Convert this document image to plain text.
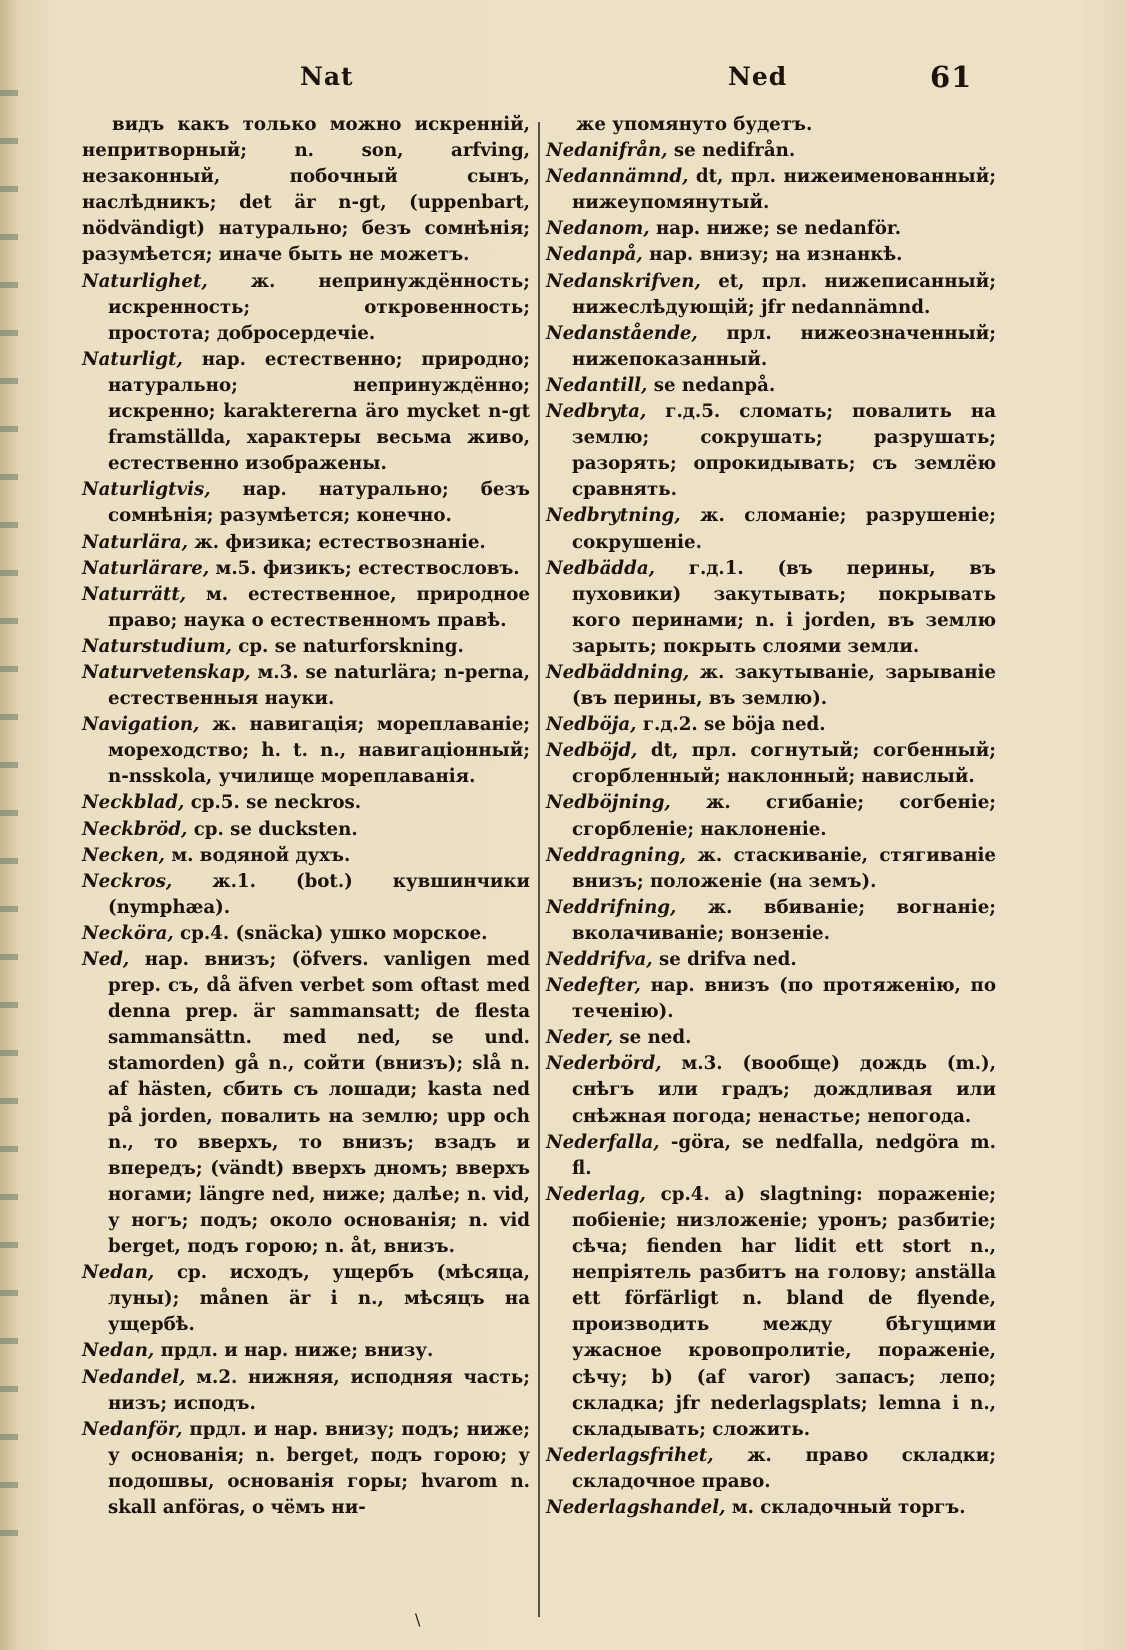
Nat	Ned	61

видъ какъ только можно искреннiй, непритворный; n. son, arfving, незаконный, побочный сынъ, наслѣдникъ; det är n-gt, (uppenbart, nödvändigt) натурально; безъ сомнѣнiя; разумѣется; иначе быть не можетъ.

Naturlighet, ж. непринуждённость; искренность; откровенность; простота; добросердечiе.

Naturligt, нар. естественно; природно; натурально; непринуждённо; искренно; karaktererna äro mycket n-gt framställda, характеры весьма живо, естественно изображены.

Naturligtvis, нар. натурально; безъ сомнѣнiя; разумѣется; конечно.

Naturlära, ж. физика; естествознанiе.

Naturlärare, м.5. физикъ; естествословъ.

Naturrätt, м. естественное, природное право; наука о естественномъ правѣ.

Naturstudium, ср. se naturforskning.

Naturvetenskap, м.3. se naturlära; n-perna, естественныя науки.

Navigation, ж. навигацiя; мореплаванiе; мореходство; h. t. n., навигацiонный; n-nsskola, училище мореплаванiя.

Neckblad, ср.5. se neckros.

Neckbröd, ср. se ducksten.

Necken, м. водяной духъ.

Neckros, ж.1. (bot.) кувшинчики (nymphæa).

Necköra, ср.4. (snäcka) ушко морское.

Ned, нар. внизъ; (öfvers. vanligen med prep. съ, då äfven verbet som oftast med denna prep. är sammansatt; de flesta sammansättn. med ned, se und. stamorden) gå n., сойти (внизъ); slå n. af hästen, сбить съ лошади; kasta ned på jorden, повалить на землю; upp och n., то вверхъ, то внизъ; взадъ и впередъ; (vändt) вверхъ дномъ; вверхъ ногами; längre ned, ниже; далѣе; n. vid, у ногъ; подъ; около основанiя; n. vid berget, подъ горою; n. åt, внизъ.

Nedan, ср. исходъ, ущербъ (мѣсяца, луны); månen är i n., мѣсяцъ на ущербѣ.

Nedan, прдл. и нар. ниже; внизу.

Nedandel, м.2. нижняя, исподняя часть; низъ; исподъ.

Nedanför, прдл. и нар. внизу; подъ; ниже; у основанiя; n. berget, подъ горою; у подошвы, основанiя горы; hvarom n. skall anföras, о чёмъ ни-

же упомянуто будетъ.

Nedanifrån, se nedifrån.

Nedannämnd, dt, прл. нижеименованный; нижеупомянутый.

Nedanom, нар. ниже; se nedanför.

Nedanpå, нар. внизу; на изнанкѣ.

Nedanskrifven, et, прл. нижеписанный; нижеслѣдующiй; jfr nedannämnd.

Nedanstående, прл. нижеозначенный; нижепоказанный.

Nedantill, se nedanpå.

Nedbryta, г.д.5. сломать; повалить на землю; сокрушать; разрушать; разорять; опрокидывать; съ землёю сравнять.

Nedbrytning, ж. сломанiе; разрушенiе; сокрушенiе.

Nedbädda, г.д.1. (въ перины, въ пуховики) закутывать; покрывать кого перинами; n. i jorden, въ землю зарыть; покрыть слоями земли.

Nedbäddning, ж. закутыванiе, зарыванiе (въ перины, въ землю).

Nedböja, г.д.2. se böja ned.

Nedböjd, dt, прл. согнутый; согбенный; сгорбленный; наклонный; навислый.

Nedböjning, ж. сгибанiе; согбенiе; сгорбленiе; наклоненiе.

Neddragning, ж. стаскиванiе, стягиванiе внизъ; положенiе (на земъ).

Neddrifning, ж. вбиванiе; вогнанiе; вколачиванiе; вонзенiе.

Neddrifva, se drifva ned.

Nedefter, нар. внизъ (по протяженiю, по теченiю).

Neder, se ned.

Nederbörd, м.3. (вообще) дождь (m.), снѣгъ или градъ; дождливая или снѣжная погода; ненастье; непогода.

Nederfalla, -göra, se nedfalla, nedgöra m. fl.

Nederlag, ср.4. a) slagtning: пораженiе; побiенiе; низложенiе; уронъ; разбитiе; сѣча; fienden har lidit ett stort n., непрiятель разбитъ на голову; anställa ett förfärligt n. bland de flyende, производить между бѣгущими ужасное кровопролитiе, пораженiе, сѣчу; b) (af varor) запасъ; лепо; складка; jfr nederlagsplats; lemna i n., складывать; сложить.

Nederlagsfrihet, ж. право складки; складочное право.

Nederlagshandel, м. складочный торгъ.

\
